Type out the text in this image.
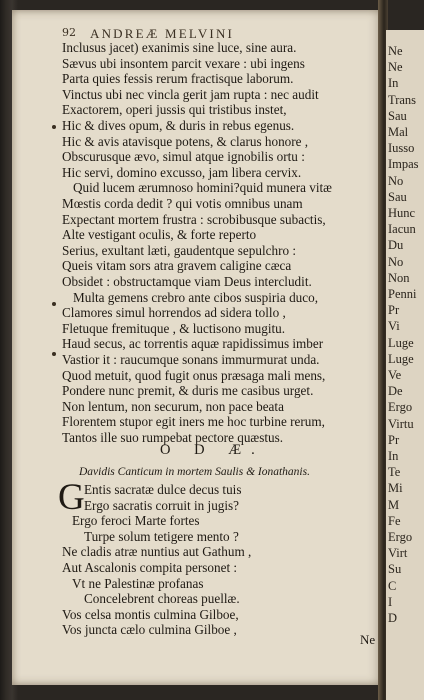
Ne
Ne
In
Trans
Sau
Mal
Iusso
Impas
No
Sau
Hunc
Iacun
Du
No
Non
Penni
Pr
Vi
Luge
Luge
Ve
De
Ergo
Virtu
Pr
In
Te
Mi
M
Fe
Ergo
Virt
Su
C
I
D
92 ANDREÆ MELVINI
Inclusus jacet) exanimis sine luce, sine aura.
Sævus ubi insontem parcit vexare : ubi ingens
Parta quies fessis rerum fractisque laborum.
Vinctus ubi nec vincla gerit jam rupta : nec audit
Exactorem, operi jussis qui tristibus instet,
Hic & dives opum, & duris in rebus egenus.
Hic & avis atavisque potens, & clarus honore ,
Obscurusque ævo, simul atque ignobilis ortu :
Hic servi, domino excusso, jam libera cervix.
Quid lucem ærumnoso homini?quid munera vitæ
Mœstis corda dedit ? qui votis omnibus unam
Expectant mortem frustra : scrobibusque subactis,
Alte vestigant oculis, & forte reperto
Serius, exultant læti, gaudentque sepulchro :
Queis vitam sors atra gravem caligine cæca
Obsidet : obstructamque viam Deus intercludit.
Multa gemens crebro ante cibos suspiria duco,
Clamores simul horrendos ad sidera tollo ,
Fletuque fremituque , & luctisono mugitu.
Haud secus, ac torrentis aquæ rapidissimus imber
Vastior it : raucumque sonans immurmurat unda.
Quod metuit, quod fugit onus præsaga mali mens,
Pondere nunc premit, & duris me casibus urget.
Non lentum, non securum, non pace beata
Florentem stupor egit iners me hoc turbine rerum,
Tantos ille suo rumpebat pectore quæstus.
O D Æ.
Davidis Canticum in mortem Saulis & Ionathanis.
G Entis sacratæ dulce decus tuis
Ergo sacratis corruit in jugis?
Ergo feroci Marte fortes
Turpe solum tetigere mento ?
Ne cladis atræ nuntius aut Gathum ,
Aut Ascalonis compita personet :
Vt ne Palestinæ profanas
Concelebrent choreas puellæ.
Vos celsa montis culmina Gilboe,
Vos juncta cælo culmina Gilboe ,
Ne
